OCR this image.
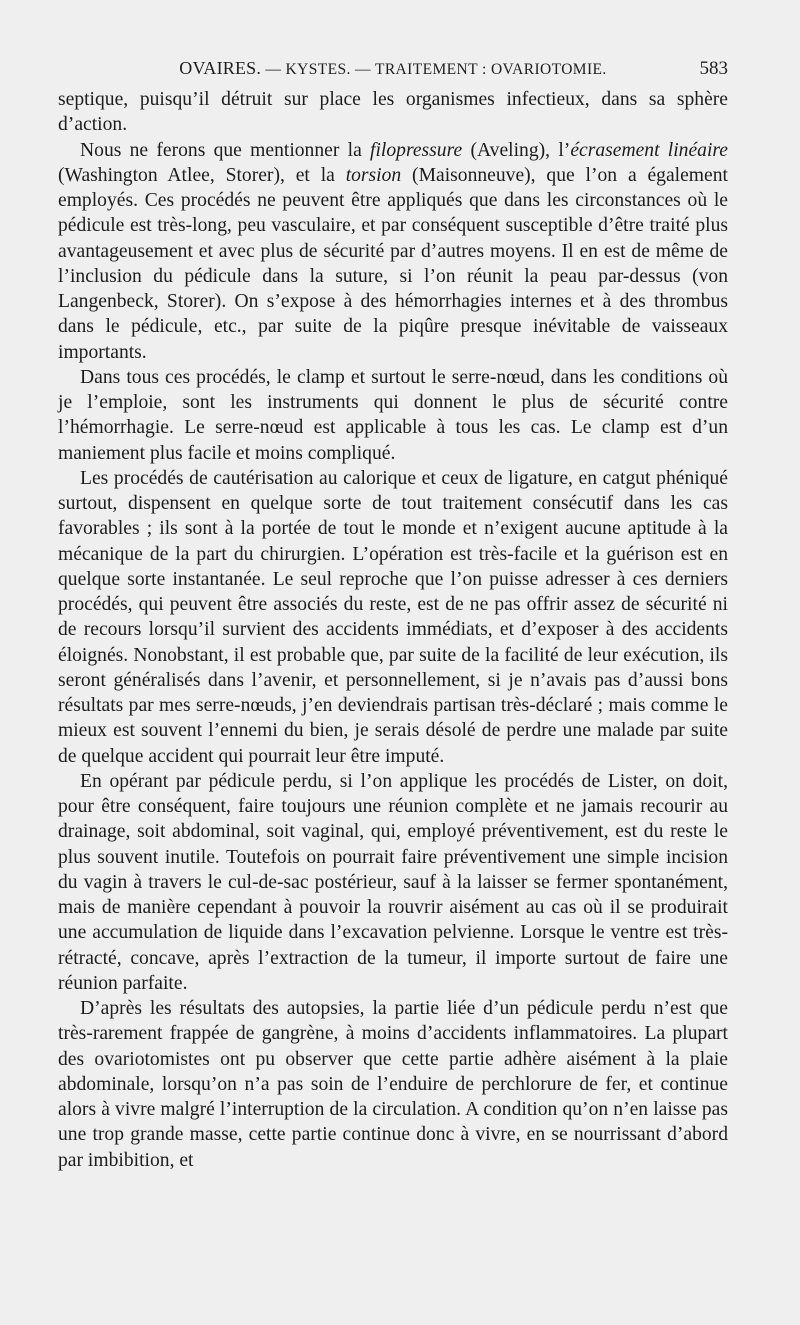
OVAIRES. — KYSTES. — TRAITEMENT : OVARIOTOMIE.	583

septique, puisqu’il détruit sur place les organismes infectieux, dans sa sphère d’action.

Nous ne ferons que mentionner la filopressure (Aveling), l’écrasement linéaire (Washington Atlee, Storer), et la torsion (Maisonneuve), que l’on a également employés. Ces procédés ne peuvent être appliqués que dans les circonstances où le pédicule est très-long, peu vasculaire, et par conséquent susceptible d’être traité plus avantageusement et avec plus de sécurité par d’autres moyens. Il en est de même de l’inclusion du pédicule dans la suture, si l’on réunit la peau par-dessus (von Langenbeck, Storer). On s’expose à des hémorrhagies internes et à des thrombus dans le pédicule, etc., par suite de la piqûre presque inévitable de vaisseaux importants.

Dans tous ces procédés, le clamp et surtout le serre-nœud, dans les conditions où je l’emploie, sont les instruments qui donnent le plus de sécurité contre l’hémorrhagie. Le serre-nœud est applicable à tous les cas. Le clamp est d’un maniement plus facile et moins compliqué.

Les procédés de cautérisation au calorique et ceux de ligature, en catgut phéniqué surtout, dispensent en quelque sorte de tout traitement consécutif dans les cas favorables ; ils sont à la portée de tout le monde et n’exigent aucune aptitude à la mécanique de la part du chirurgien. L’opération est très-facile et la guérison est en quelque sorte instantanée. Le seul reproche que l’on puisse adresser à ces derniers procédés, qui peuvent être associés du reste, est de ne pas offrir assez de sécurité ni de recours lorsqu’il survient des accidents immédiats, et d’exposer à des accidents éloignés. Nonobstant, il est probable que, par suite de la facilité de leur exécution, ils seront généralisés dans l’avenir, et personnellement, si je n’avais pas d’aussi bons résultats par mes serre-nœuds, j’en deviendrais partisan très-déclaré ; mais comme le mieux est souvent l’ennemi du bien, je serais désolé de perdre une malade par suite de quelque accident qui pourrait leur être imputé.

En opérant par pédicule perdu, si l’on applique les procédés de Lister, on doit, pour être conséquent, faire toujours une réunion complète et ne jamais recourir au drainage, soit abdominal, soit vaginal, qui, employé préventivement, est du reste le plus souvent inutile. Toutefois on pourrait faire préventivement une simple incision du vagin à travers le cul-de-sac postérieur, sauf à la laisser se fermer spontanément, mais de manière cependant à pouvoir la rouvrir aisément au cas où il se produirait une accumulation de liquide dans l’excavation pelvienne. Lorsque le ventre est très-rétracté, concave, après l’extraction de la tumeur, il importe surtout de faire une réunion parfaite.

D’après les résultats des autopsies, la partie liée d’un pédicule perdu n’est que très-rarement frappée de gangrène, à moins d’accidents inflammatoires. La plupart des ovariotomistes ont pu observer que cette partie adhère aisément à la plaie abdominale, lorsqu’on n’a pas soin de l’enduire de perchlorure de fer, et continue alors à vivre malgré l’interruption de la circulation. A condition qu’on n’en laisse pas une trop grande masse, cette partie continue donc à vivre, en se nourrissant d’abord par imbibition, et
